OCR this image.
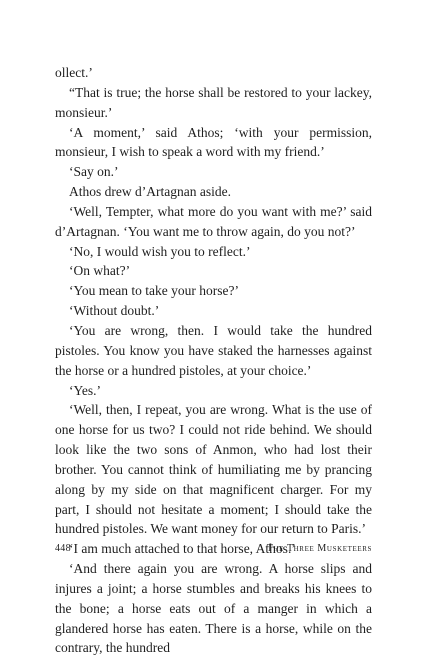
ollect.’

“That is true; the horse shall be restored to your lackey, monsieur.’

‘A moment,’ said Athos; ‘with your permission, monsieur, I wish to speak a word with my friend.’

‘Say on.’

Athos drew d’Artagnan aside.

‘Well, Tempter, what more do you want with me?’ said d’Artagnan. ‘You want me to throw again, do you not?’

‘No, I would wish you to reflect.’

‘On what?’

‘You mean to take your horse?’

‘Without doubt.’

‘You are wrong, then. I would take the hundred pistoles. You know you have staked the harnesses against the horse or a hundred pistoles, at your choice.’

‘Yes.’

‘Well, then, I repeat, you are wrong. What is the use of one horse for us two? I could not ride behind. We should look like the two sons of Anmon, who had lost their brother. You cannot think of humiliating me by prancing along by my side on that magnificent charger. For my part, I should not hesitate a moment; I should take the hundred pistoles. We want money for our return to Paris.’

‘I am much attached to that horse, Athos.’

‘And there again you are wrong. A horse slips and injures a joint; a horse stumbles and breaks his knees to the bone; a horse eats out of a manger in which a glandered horse has eaten. There is a horse, while on the contrary, the hundred

448	The Three Musketeers
